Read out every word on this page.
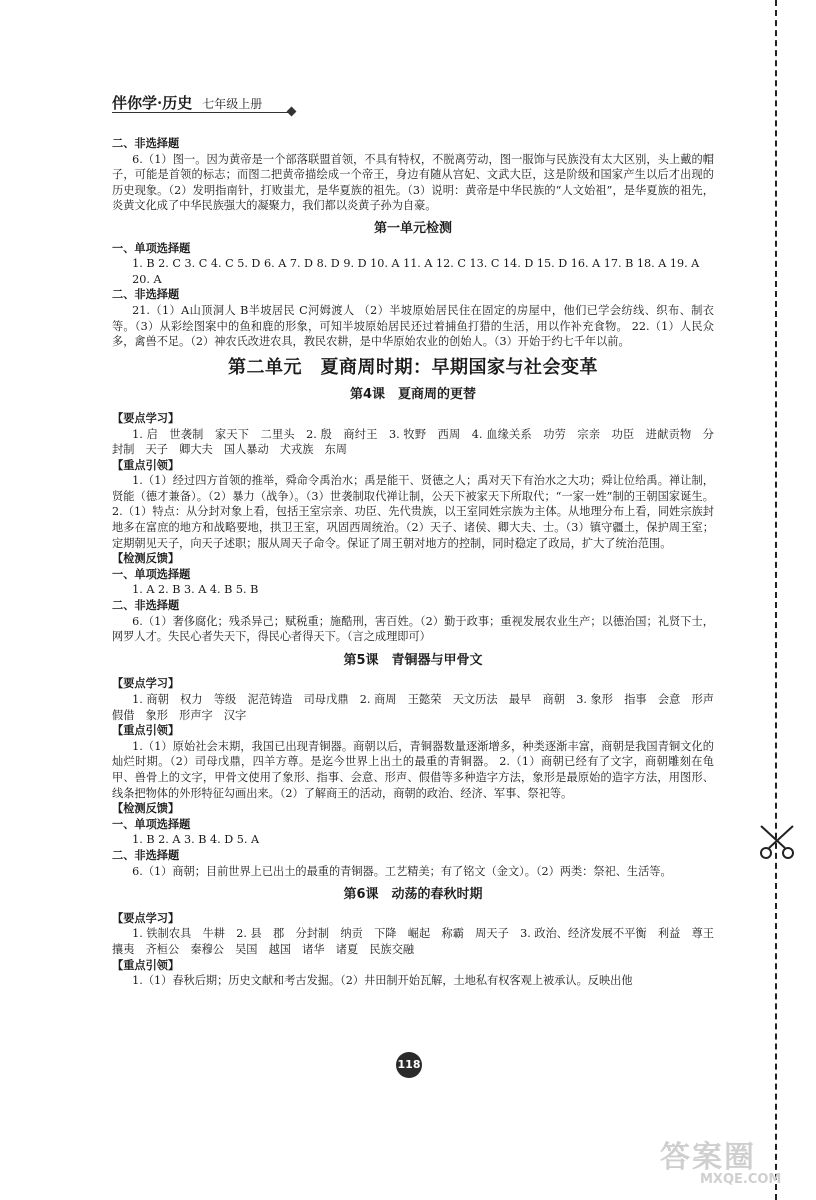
伴你学·历史 七年级上册

二、非选择题

6.（1）图一。因为黄帝是一个部落联盟首领，不具有特权，不脱离劳动，图一服饰与民族没有太大区别，头上戴的帽子，可能是首领的标志；而图二把黄帝描绘成一个帝王，身边有随从宫妃、文武大臣，这是阶级和国家产生以后才出现的历史现象。（2）发明指南针，打败蚩尤，是华夏族的祖先。（3）说明：黄帝是中华民族的“人文始祖”，是华夏族的祖先，炎黄文化成了中华民族强大的凝聚力，我们都以炎黄子孙为自豪。

第一单元检测

一、单项选择题

1. B 2. C 3. C 4. C 5. D 6. A 7. D 8. D 9. D 10. A 11. A 12. C 13. C 14. D 15. D 16. A 17. B 18. A 19. A 20. A

二、非选择题

21.（1）A山顶洞人 B半坡居民 C河姆渡人 （2）半坡原始居民住在固定的房屋中，他们已学会纺线、织布、制衣等。（3）从彩绘图案中的鱼和鹿的形象，可知半坡原始居民还过着捕鱼打猎的生活，用以作补充食物。 22.（1）人民众多，禽兽不足。（2）神农氏改进农具，教民农耕，是中华原始农业的创始人。（3）开始于约七千年以前。

第二单元　夏商周时期：早期国家与社会变革

第4课　夏商周的更替

【要点学习】

1. 启　世袭制　家天下　二里头　2. 殷　商纣王　3. 牧野　西周　4. 血缘关系　功劳　宗亲　功臣　进献贡物　分封制　天子　卿大夫　国人暴动　犬戎族　东周

【重点引领】

1.（1）经过四方首领的推举，舜命令禹治水；禹是能干、贤德之人；禹对天下有治水之大功；舜让位给禹。禅让制，贤能（德才兼备）。（2）暴力（战争）。（3）世袭制取代禅让制，公天下被家天下所取代；“一家一姓”制的王朝国家诞生。 2.（1）特点：从分封对象上看，包括王室宗亲、功臣、先代贵族，以王室同姓宗族为主体。从地理分布上看，同姓宗族封地多在富庶的地方和战略要地，拱卫王室，巩固西周统治。（2）天子、诸侯、卿大夫、士。（3）镇守疆土，保护周王室；定期朝见天子，向天子述职；服从周天子命令。保证了周王朝对地方的控制，同时稳定了政局，扩大了统治范围。

【检测反馈】

一、单项选择题

1. A 2. B 3. A 4. B 5. B

二、非选择题

6.（1）奢侈腐化；残杀异己；赋税重；施酷刑，害百姓。（2）勤于政事；重视发展农业生产；以德治国；礼贤下士，网罗人才。失民心者失天下，得民心者得天下。（言之成理即可）

第5课　青铜器与甲骨文

【要点学习】

1. 商朝　权力　等级　泥范铸造　司母戊鼎　2. 商周　王懿荣　天文历法　最早　商朝　3. 象形　指事　会意　形声　假借　象形　形声字　汉字

【重点引领】

1.（1）原始社会末期，我国已出现青铜器。商朝以后，青铜器数量逐渐增多，种类逐渐丰富，商朝是我国青铜文化的灿烂时期。（2）司母戊鼎，四羊方尊。是迄今世界上出土的最重的青铜器。 2.（1）商朝已经有了文字，商朝雕刻在龟甲、兽骨上的文字，甲骨文使用了象形、指事、会意、形声、假借等多种造字方法，象形是最原始的造字方法，用图形、线条把物体的外形特征勾画出来。（2）了解商王的活动，商朝的政治、经济、军事、祭祀等。

【检测反馈】

一、单项选择题

1. B 2. A 3. B 4. D 5. A

二、非选择题

6.（1）商朝；目前世界上已出土的最重的青铜器。工艺精美；有了铭文（金文）。（2）两类：祭祀、生活等。

第6课　动荡的春秋时期

【要点学习】

1. 铁制农具　牛耕　2. 县　郡　分封制　纳贡　下降　崛起　称霸　周天子　3. 政治、经济发展不平衡　利益　尊王攘夷　齐桓公　秦穆公　吴国　越国　诸华　诸夏　民族交融

【重点引领】

1.（1）春秋后期；历史文献和考古发掘。（2）井田制开始瓦解，土地私有权客观上被承认。反映出他

118
答案圈
MXQE.COM
